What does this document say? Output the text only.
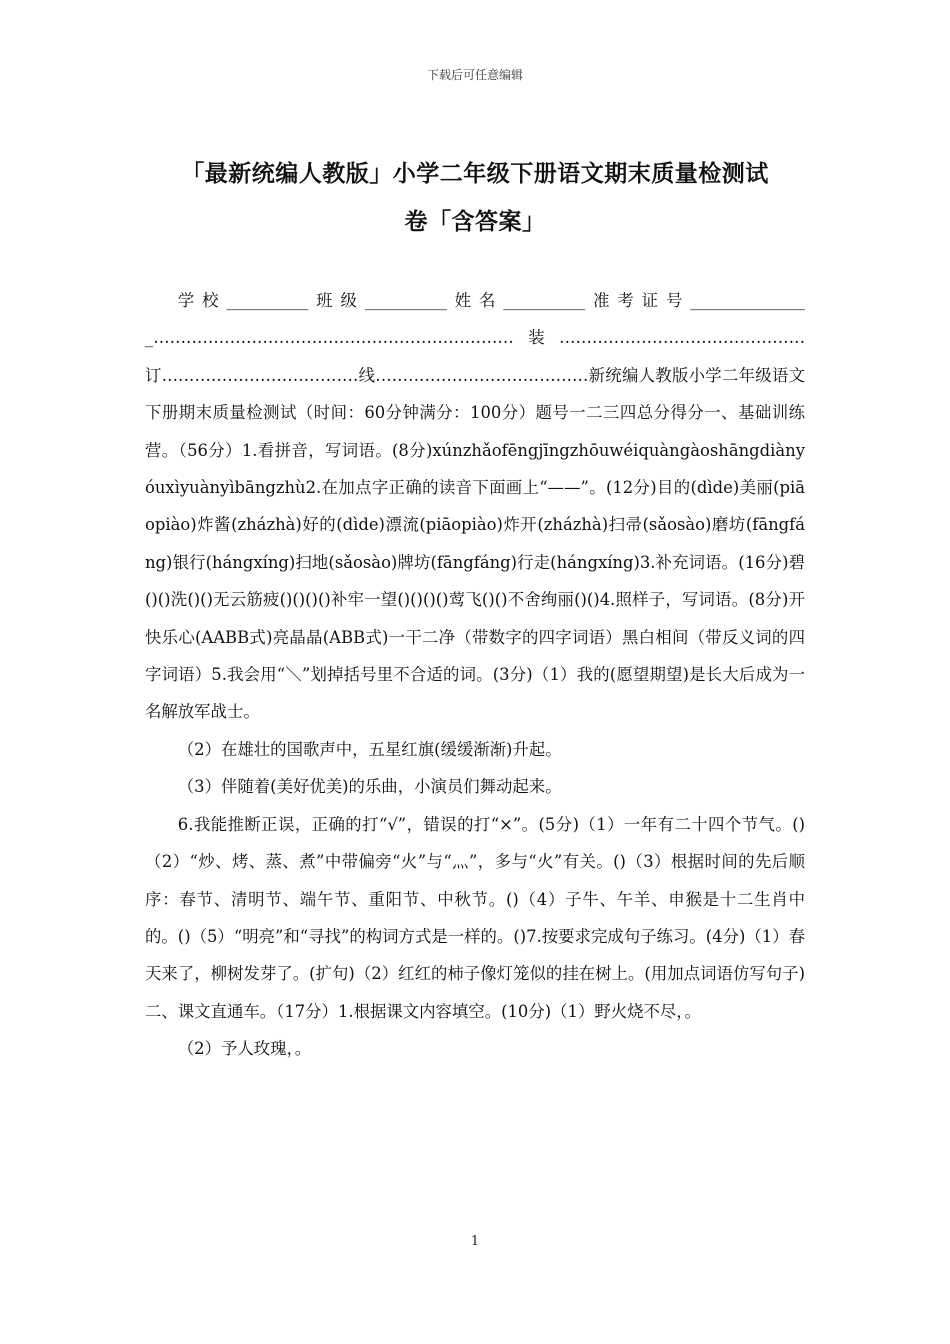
下载后可任意编辑
「最新统编人教版」小学二年级下册语文期末质量检测试
卷「含答案」

学校__________班级__________姓名__________准考证号_______________…………………………………………………………装………………………………………订………………………………线…………………………………新统编人教版小学二年级语文下册期末质量检测试（时间：60分钟满分：100分）题号一二三四总分得分一、基础训练营。（56分）1.看拼音，写词语。(8分)xúnzhǎofēngjīngzhōuwéiquàngàoshāngdiànyóuxìyuànyìbāngzhù2.在加点字正确的读音下面画上“——”。(12分)目的(dìde)美丽(piāopiào)炸酱(zházhà)好的(dìde)漂流(piāopiào)炸开(zházhà)扫帚(sǎosào)磨坊(fāngfáng)银行(hángxíng)扫地(sǎosào)牌坊(fāngfáng)行走(hángxíng)3.补充词语。(16分)碧()()洗()()无云筋疲()()()()补牢一望()()()()莺飞()()不舍绚丽()()4.照样子，写词语。(8分)开快乐心(AABB式)亮晶晶(ABB式)一干二净（带数字的四字词语）黑白相间（带反义词的四字词语）5.我会用“＼”划掉括号里不合适的词。(3分)（1）我的(愿望期望)是长大后成为一名解放军战士。

（2）在雄壮的国歌声中，五星红旗(缓缓渐渐)升起。

（3）伴随着(美好优美)的乐曲，小演员们舞动起来。

6.我能推断正误，正确的打“√”，错误的打“×”。(5分)（1）一年有二十四个节气。()（2）“炒、烤、蒸、煮”中带偏旁“火”与“灬”，多与“火”有关。()（3）根据时间的先后顺序：春节、清明节、端午节、重阳节、中秋节。()（4）子牛、午羊、申猴是十二生肖中的。()（5）“明亮”和“寻找”的构词方式是一样的。()7.按要求完成句子练习。(4分)（1）春天来了，柳树发芽了。(扩句)（2）红红的柿子像灯笼似的挂在树上。(用加点词语仿写句子)二、课文直通车。（17分）1.根据课文内容填空。(10分)（1）野火烧不尽，。

（2）予人玫瑰，。

1
